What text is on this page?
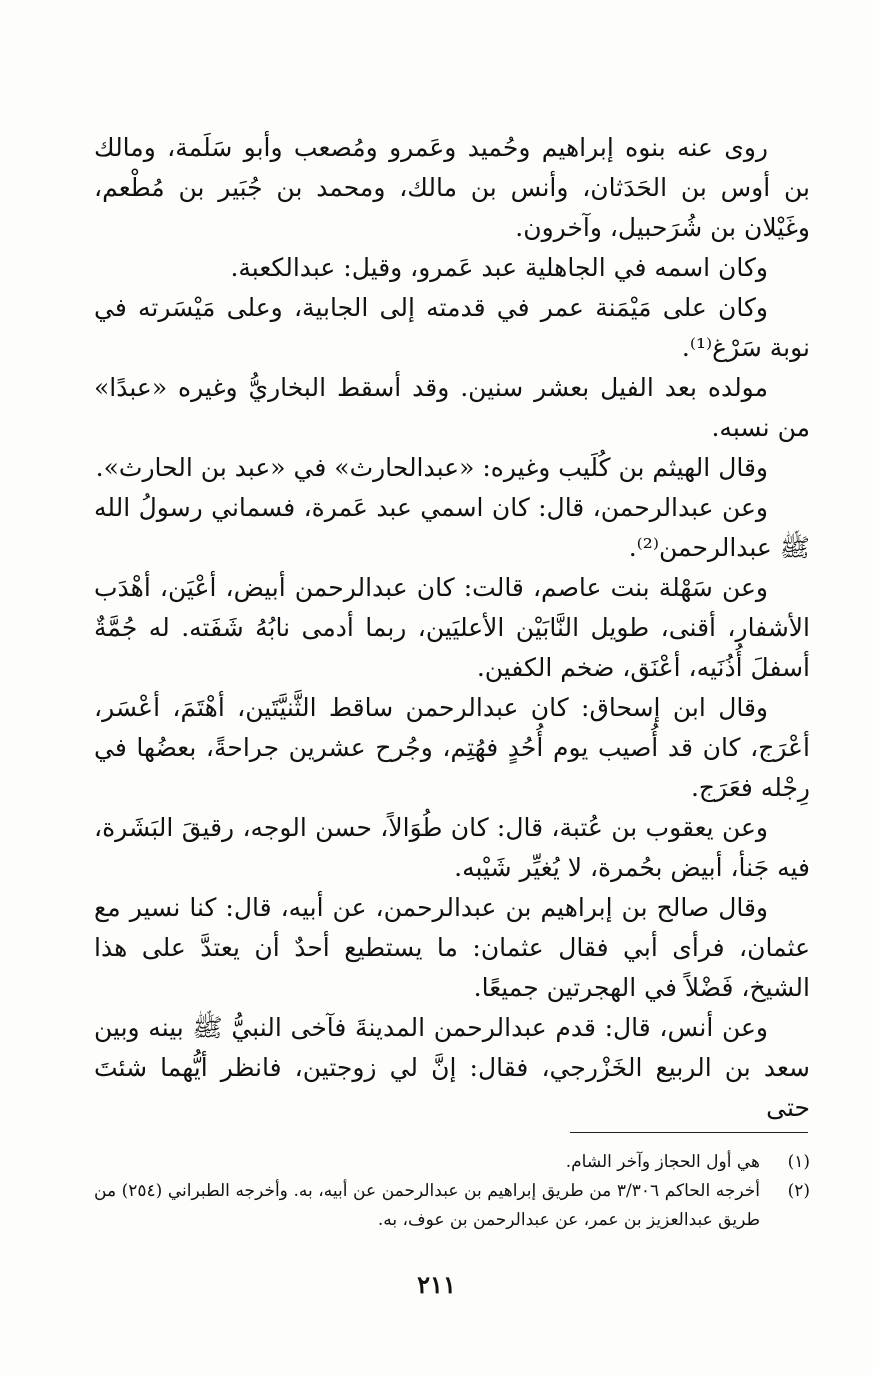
روى عنه بنوه إبراهيم وحُميد وعَمرو ومُصعب وأبو سَلَمة، ومالك بن أوس بن الحَدَثان، وأنس بن مالك، ومحمد بن جُبَير بن مُطْعم، وغَيْلان بن شُرَحبيل، وآخرون.

وكان اسمه في الجاهلية عبد عَمرو، وقيل: عبدالكعبة.

وكان على مَيْمَنة عمر في قدمته إلى الجابية، وعلى مَيْسَرته في نوبة سَرْغ⁽¹⁾.

مولده بعد الفيل بعشر سنين. وقد أسقط البخاريُّ وغيره «عبدًا» من نسبه.

وقال الهيثم بن كُلَيب وغيره: «عبدالحارث» في «عبد بن الحارث».

وعن عبدالرحمن، قال: كان اسمي عبد عَمرة، فسماني رسولُ الله ﷺ عبدالرحمن⁽²⁾.

وعن سَهْلة بنت عاصم، قالت: كان عبدالرحمن أبيض، أعْيَن، أهْدَب الأشفار، أقنى، طويل النَّابَيْن الأعليَين، ربما أدمى نابُهُ شَفَته. له جُمَّةٌ أسفلَ أُذُنَيه، أعْنَق، ضخم الكفين.

وقال ابن إسحاق: كان عبدالرحمن ساقط الثَّنيَّتَين، أهْتَمَ، أعْسَر، أعْرَج، كان قد أُصيب يوم أُحُدٍ فهُتِم، وجُرح عشرين جراحةً، بعضُها في رِجْله فعَرَج.

وعن يعقوب بن عُتبة، قال: كان طُوَالاً، حسن الوجه، رقيقَ البَشَرة، فيه جَنأ، أبيض بحُمرة، لا يُغيِّر شَيْبه.

وقال صالح بن إبراهيم بن عبدالرحمن، عن أبيه، قال: كنا نسير مع عثمان، فرأى أبي فقال عثمان: ما يستطيع أحدٌ أن يعتدَّ على هذا الشيخ، فَضْلاً في الهجرتين جميعًا.

وعن أنس، قال: قدم عبدالرحمن المدينةَ فآخى النبيُّ ﷺ بينه وبين سعد بن الربيع الخَزْرجي، فقال: إنَّ لي زوجتين، فانظر أيُّهما شئتَ حتى

(١)
هي أول الحجاز وآخر الشام.
(٢)
أخرجه الحاكم ٣/٣٠٦ من طريق إبراهيم بن عبدالرحمن عن أبيه، به. وأخرجه الطبراني (٢٥٤) من طريق عبدالعزيز بن عمر، عن عبدالرحمن بن عوف، به.
٢١١
